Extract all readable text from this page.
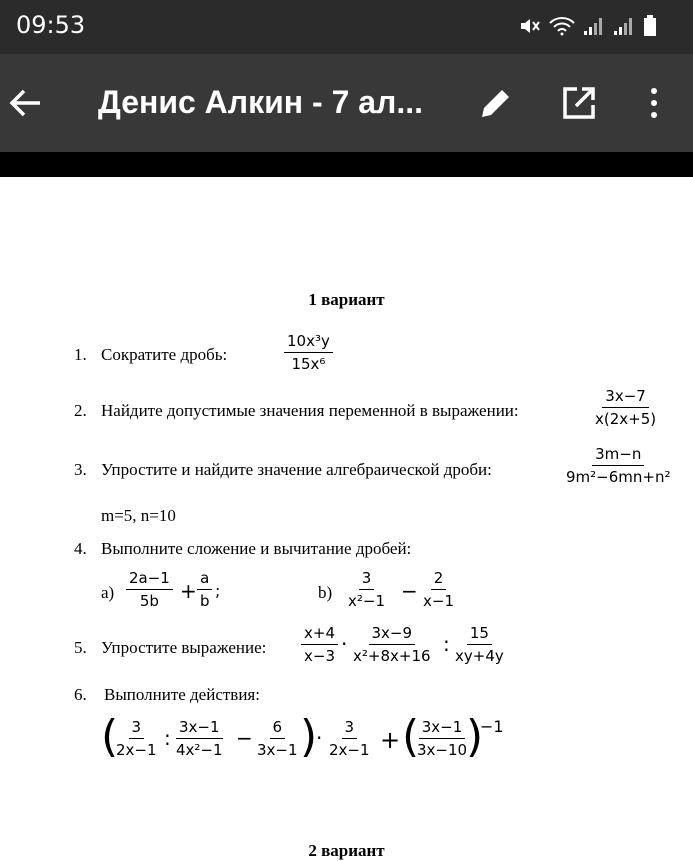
09:53
Денис Алкин - 7 ал...
1 вариант
1. Сократите дробь:	$\frac{\text{10x³y}}{\text{15x⁶}}$
2. Найдите допустимые значения переменной в выражении:	$\frac{3x-7}{x(2x+5)}$
3. Упростите и найдите значение алгебраической дроби:	$\frac{3m-n}{\text{9m²−6mn+n²}}$
m=5, n=10
4. Выполните сложение и вычитание дробей:
$a) \frac{2a-1}{5b} + \frac{a}{b}$ ;	$b) \frac{3}{\text{x²−1}} - \frac{2}{x-1}$
5. Упростите выражение: $\frac{x+4}{x-3} \cdot \frac{3x-9}{\text{x²+8x+16}}$ : $\frac{15}{xy+4y}$
6. Выполните действия:
(
$\frac{3}{2x-1}$ : $\frac{3x-1}{\text{4x²−1}} - \frac{6}{3x-1}$ )
· $\frac{3}{2x-1}$ + (
$\frac{3x-1}{3x-10}$
)
−1
2 вариант
